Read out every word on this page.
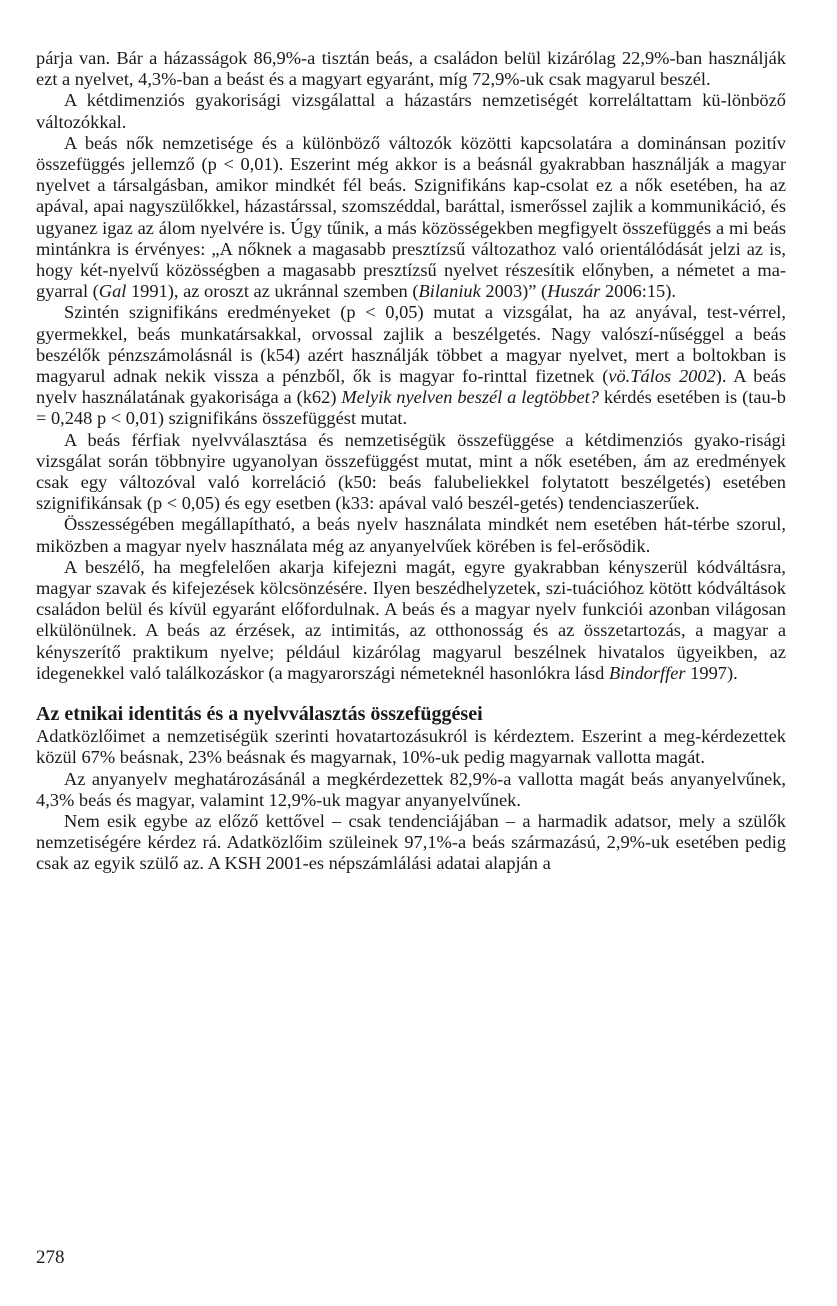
párja van. Bár a házasságok 86,9%-a tisztán beás, a családon belül kizárólag 22,9%-ban használják ezt a nyelvet, 4,3%-ban a beást és a magyart egyaránt, míg 72,9%-uk csak magyarul beszél.

A kétdimenziós gyakorisági vizsgálattal a házastárs nemzetiségét korreláltattam kü-lönböző változókkal.

A beás nők nemzetisége és a különböző változók közötti kapcsolatára a dominánsan pozitív összefüggés jellemző (p < 0,01). Eszerint még akkor is a beásnál gyakrabban használják a magyar nyelvet a társalgásban, amikor mindkét fél beás. Szignifikáns kap-csolat ez a nők esetében, ha az apával, apai nagyszülőkkel, házastárssal, szomszéddal, baráttal, ismerőssel zajlik a kommunikáció, és ugyanez igaz az álom nyelvére is. Úgy tűnik, a más közösségekben megfigyelt összefüggés a mi beás mintánkra is érvényes: „A nőknek a magasabb presztízsű változathoz való orientálódását jelzi az is, hogy két-nyelvű közösségben a magasabb presztízsű nyelvet részesítik előnyben, a németet a ma-gyarral (Gal 1991), az oroszt az ukránnal szemben (Bilaniuk 2003)” (Huszár 2006:15).

Szintén szignifikáns eredményeket (p < 0,05) mutat a vizsgálat, ha az anyával, test-vérrel, gyermekkel, beás munkatársakkal, orvossal zajlik a beszélgetés. Nagy valószí-nűséggel a beás beszélők pénzszámolásnál is (k54) azért használják többet a magyar nyelvet, mert a boltokban is magyarul adnak nekik vissza a pénzből, ők is magyar fo-rinttal fizetnek (vö.Tálos 2002). A beás nyelv használatának gyakorisága a (k62) Melyik nyelven beszél a legtöbbet? kérdés esetében is (tau-b = 0,248 p < 0,01) szignifikáns összefüggést mutat.

A beás férfiak nyelvválasztása és nemzetiségük összefüggése a kétdimenziós gyako-risági vizsgálat során többnyire ugyanolyan összefüggést mutat, mint a nők esetében, ám az eredmények csak egy változóval való korreláció (k50: beás falubeliekkel folytatott beszélgetés) esetében szignifikánsak (p < 0,05) és egy esetben (k33: apával való beszél-getés) tendenciaszerűek.

Összességében megállapítható, a beás nyelv használata mindkét nem esetében hát-térbe szorul, miközben a magyar nyelv használata még az anyanyelvűek körében is fel-erősödik.

A beszélő, ha megfelelően akarja kifejezni magát, egyre gyakrabban kényszerül kódváltásra, magyar szavak és kifejezések kölcsönzésére. Ilyen beszédhelyzetek, szi-tuációhoz kötött kódváltások családon belül és kívül egyaránt előfordulnak. A beás és a magyar nyelv funkciói azonban világosan elkülönülnek. A beás az érzések, az intimitás, az otthonosság és az összetartozás, a magyar a kényszerítő praktikum nyelve; például kizárólag magyarul beszélnek hivatalos ügyeikben, az idegenekkel való találkozáskor (a magyarországi németeknél hasonlókra lásd Bindorffer 1997).

Az etnikai identitás és a nyelvválasztás összefüggései

Adatközlőimet a nemzetiségük szerinti hovatartozásukról is kérdeztem. Eszerint a meg-kérdezettek közül 67% beásnak, 23% beásnak és magyarnak, 10%-uk pedig magyarnak vallotta magát.

Az anyanyelv meghatározásánál a megkérdezettek 82,9%-a vallotta magát beás anyanyelvűnek, 4,3% beás és magyar, valamint 12,9%-uk magyar anyanyelvűnek.

Nem esik egybe az előző kettővel – csak tendenciájában – a harmadik adatsor, mely a szülők nemzetiségére kérdez rá. Adatközlőim szüleinek 97,1%-a beás származású, 2,9%-uk esetében pedig csak az egyik szülő az. A KSH 2001-es népszámlálási adatai alapján a

278
